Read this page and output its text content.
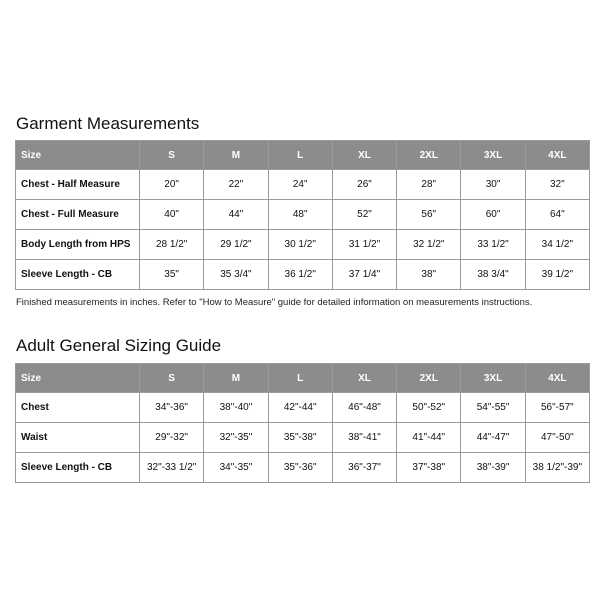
Garment Measurements
Size	S	M	L	XL	2XL	3XL	4XL
Chest - Half Measure	20"	22"	24"	26"	28"	30"	32"
Chest - Full Measure	40"	44"	48"	52"	56"	60"	64"
Body Length from HPS	28 1/2"	29 1/2"	30 1/2"	31 1/2"	32 1/2"	33 1/2"	34 1/2"
Sleeve Length - CB	35"	35 3/4"	36 1/2"	37 1/4"	38"	38 3/4"	39 1/2"

Finished measurements in inches. Refer to "How to Measure" guide for detailed information on measurements instructions.

Adult General Sizing Guide
Size	S	M	L	XL	2XL	3XL	4XL
Chest	34"-36"	38"-40"	42"-44"	46"-48"	50"-52"	54"-55"	56"-57"
Waist	29"-32"	32"-35"	35"-38"	38"-41"	41"-44"	44"-47"	47"-50"
Sleeve Length - CB	32"-33 1/2"	34"-35"	35"-36"	36"-37"	37"-38"	38"-39"	38 1/2"-39"
